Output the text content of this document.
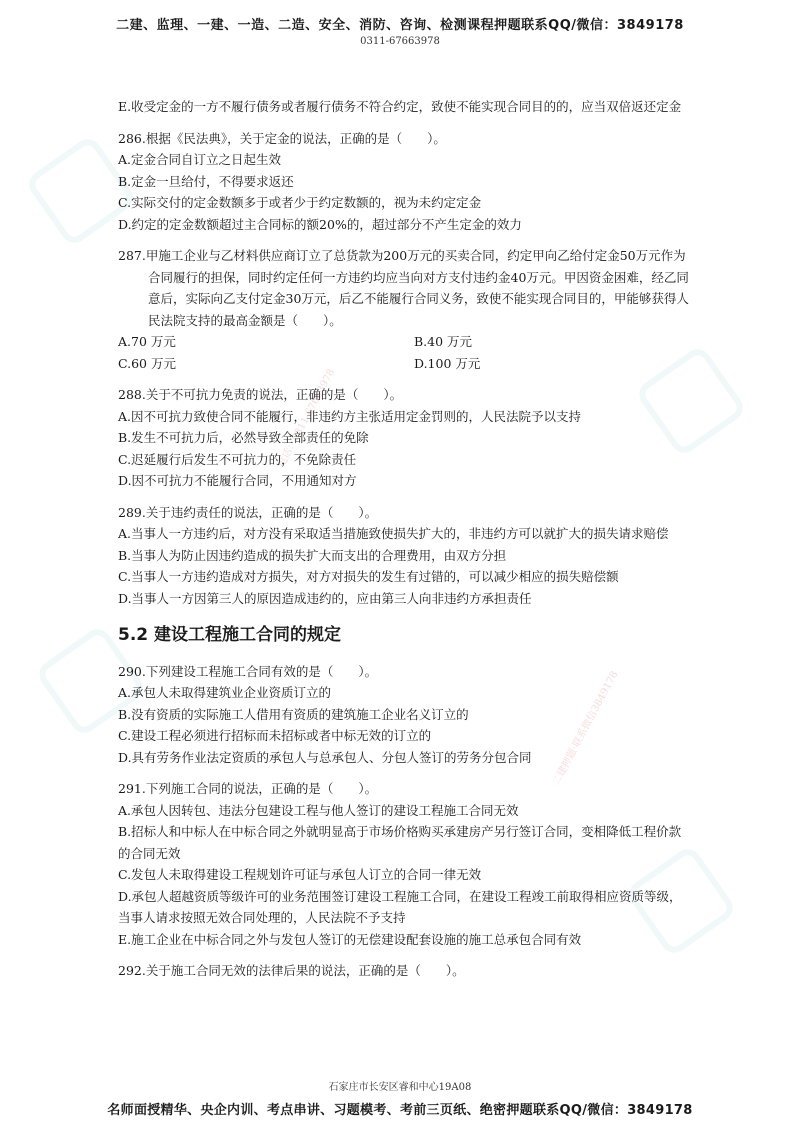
电话：0311-67663978
二建押题·联系微信3849178
二建、监理、一建、一造、二造、安全、消防、咨询、检测课程押题联系QQ/微信：3849178
0311-67663978
E.收受定金的一方不履行债务或者履行债务不符合约定，致使不能实现合同目的的，应当双倍返还定金
286.根据《民法典》，关于定金的说法，正确的是（　　）。
A.定金合同自订立之日起生效
B.定金一旦给付，不得要求返还
C.实际交付的定金数额多于或者少于约定数额的，视为未约定定金
D.约定的定金数额超过主合同标的额20%的，超过部分不产生定金的效力
287.甲施工企业与乙材料供应商订立了总货款为200万元的买卖合同，约定甲向乙给付定金50万元作为合同履行的担保，同时约定任何一方违约均应当向对方支付违约金40万元。甲因资金困难，经乙同意后，实际向乙支付定金30万元，后乙不能履行合同义务，致使不能实现合同目的，甲能够获得人民法院支持的最高金额是（　　）。
A.70 万元	B.40 万元
C.60 万元	D.100 万元
288.关于不可抗力免责的说法，正确的是（　　）。
A.因不可抗力致使合同不能履行，非违约方主张适用定金罚则的，人民法院予以支持
B.发生不可抗力后，必然导致全部责任的免除
C.迟延履行后发生不可抗力的，不免除责任
D.因不可抗力不能履行合同，不用通知对方
289.关于违约责任的说法，正确的是（　　）。
A.当事人一方违约后，对方没有采取适当措施致使损失扩大的，非违约方可以就扩大的损失请求赔偿
B.当事人为防止因违约造成的损失扩大而支出的合理费用，由双方分担
C.当事人一方违约造成对方损失，对方对损失的发生有过错的，可以减少相应的损失赔偿额
D.当事人一方因第三人的原因造成违约的，应由第三人向非违约方承担责任
5.2 建设工程施工合同的规定
290.下列建设工程施工合同有效的是（　　）。
A.承包人未取得建筑业企业资质订立的
B.没有资质的实际施工人借用有资质的建筑施工企业名义订立的
C.建设工程必须进行招标而未招标或者中标无效的订立的
D.具有劳务作业法定资质的承包人与总承包人、分包人签订的劳务分包合同
291.下列施工合同的说法，正确的是（　　）。
A.承包人因转包、违法分包建设工程与他人签订的建设工程施工合同无效
B.招标人和中标人在中标合同之外就明显高于市场价格购买承建房产另行签订合同，变相降低工程价款的合同无效
C.发包人未取得建设工程规划许可证与承包人订立的合同一律无效
D.承包人超越资质等级许可的业务范围签订建设工程施工合同，在建设工程竣工前取得相应资质等级，当事人请求按照无效合同处理的，人民法院不予支持
E.施工企业在中标合同之外与发包人签订的无偿建设配套设施的施工总承包合同有效
292.关于施工合同无效的法律后果的说法，正确的是（　　）。
石家庄市长安区睿和中心19A08
名师面授精华、央企内训、考点串讲、习题模考、考前三页纸、绝密押题联系QQ/微信：3849178
